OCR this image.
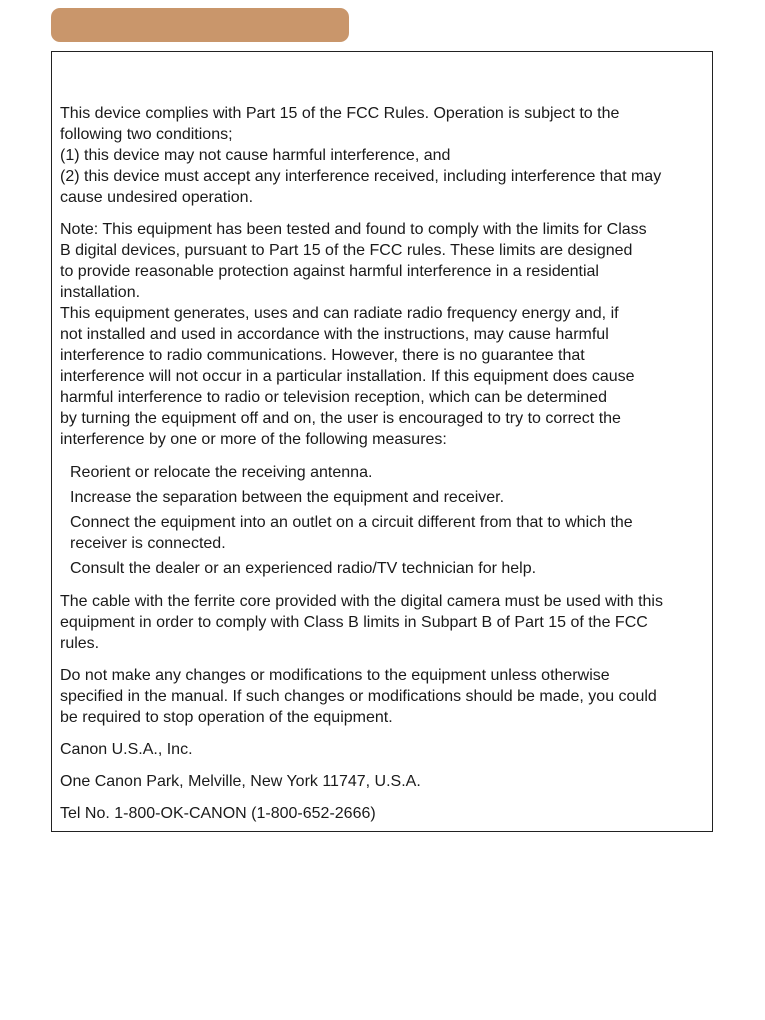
This device complies with Part 15 of the FCC Rules. Operation is subject to the
following two conditions;
(1) this device may not cause harmful interference, and
(2) this device must accept any interference received, including interference that may
cause undesired operation.

Note: This equipment has been tested and found to comply with the limits for Class
B digital devices, pursuant to Part 15 of the FCC rules. These limits are designed
to provide reasonable protection against harmful interference in a residential
installation.

This equipment generates, uses and can radiate radio frequency energy and, if
not installed and used in accordance with the instructions, may cause harmful
interference to radio communications. However, there is no guarantee that
interference will not occur in a particular installation. If this equipment does cause
harmful interference to radio or television reception, which can be determined
by turning the equipment off and on, the user is encouraged to try to correct the
interference by one or more of the following measures:

Reorient or relocate the receiving antenna.
Increase the separation between the equipment and receiver.
Connect the equipment into an outlet on a circuit different from that to which the
receiver is connected.
Consult the dealer or an experienced radio/TV technician for help.

The cable with the ferrite core provided with the digital camera must be used with this
equipment in order to comply with Class B limits in Subpart B of Part 15 of the FCC
rules.

Do not make any changes or modifications to the equipment unless otherwise
specified in the manual. If such changes or modifications should be made, you could
be required to stop operation of the equipment.

Canon U.S.A., Inc.

One Canon Park, Melville, New York 11747, U.S.A.

Tel No. 1-800-OK-CANON (1-800-652-2666)
